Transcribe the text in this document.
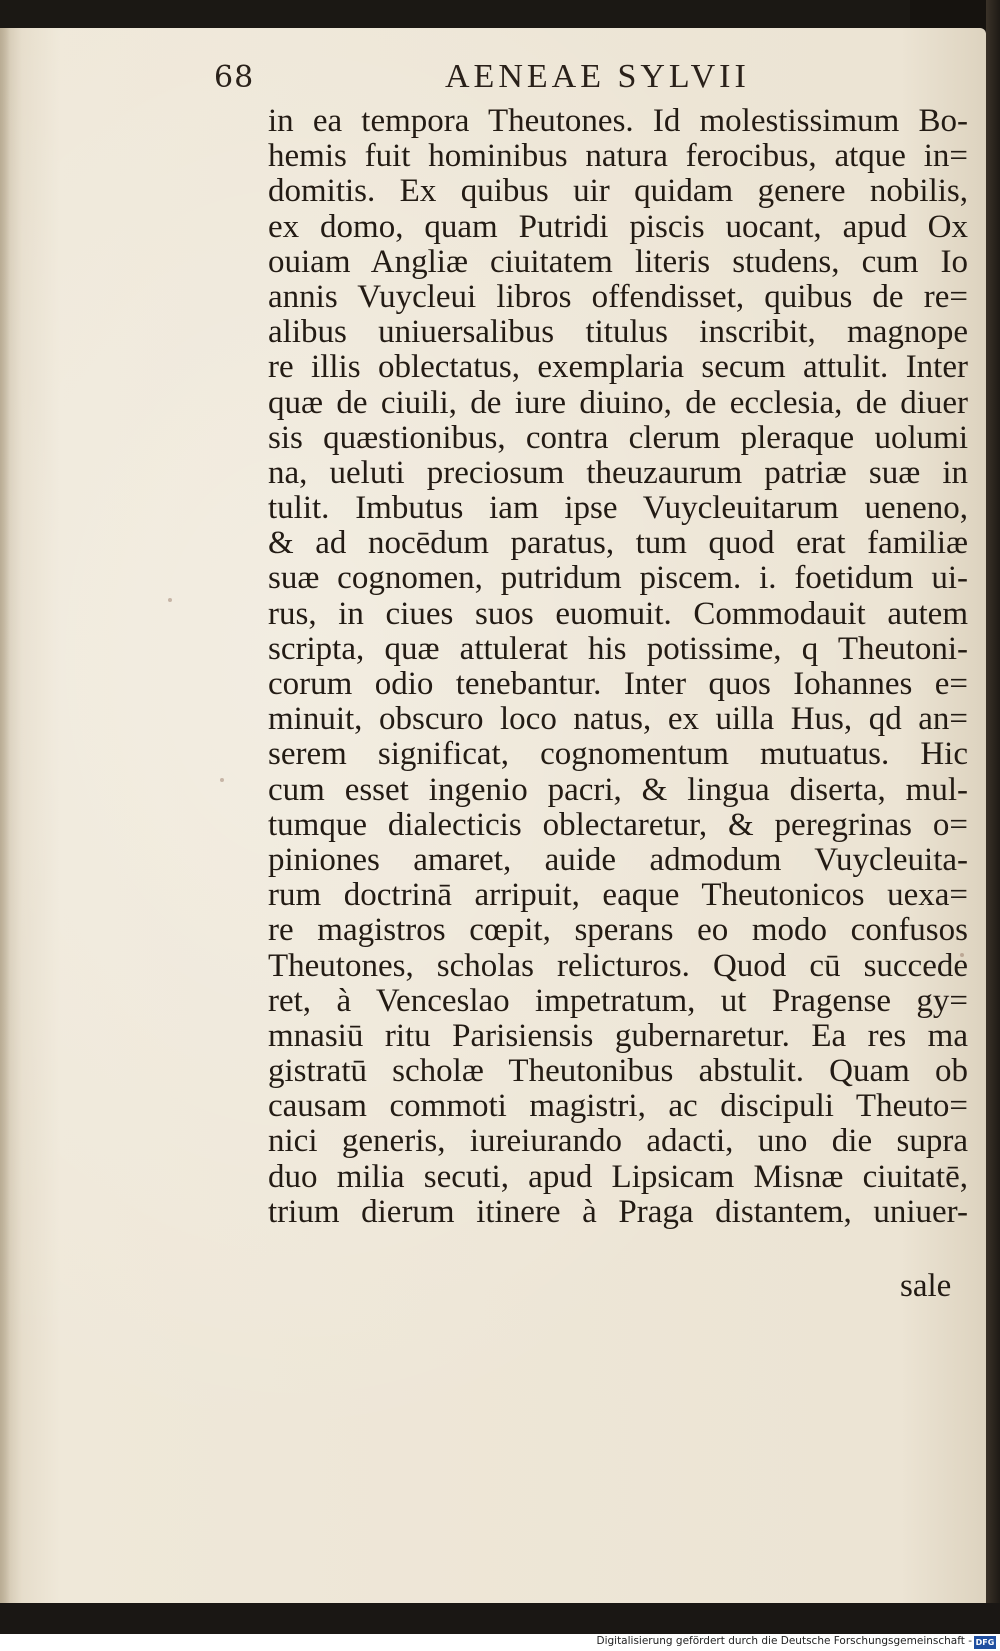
68	AENEAE SYLVII
in ea tempora Theutones. Id molestissimum Bo-
hemis fuit hominibus natura ferocibus, atque in=
domitis. Ex quibus uir quidam genere nobilis,
ex domo, quam Putridi piscis uocant, apud Ox
ouiam Angliæ ciuitatem literis studens, cum Io
annis Vuycleui libros offendisset, quibus de re=
alibus uniuersalibus titulus inscribit, magnope
re illis oblectatus, exemplaria secum attulit. Inter
quæ de ciuili, de iure diuino, de ecclesia, de diuer
sis quæstionibus, contra clerum pleraque uolumi
na, ueluti preciosum theuzaurum patriæ suæ in
tulit. Imbutus iam ipse Vuycleuitarum ueneno,
& ad nocēdum paratus, tum quod erat familiæ
suæ cognomen, putridum piscem. i. foetidum ui-
rus, in ciues suos euomuit. Commodauit autem
scripta, quæ attulerat his potissime, q Theutoni-
corum odio tenebantur. Inter quos Iohannes e=
minuit, obscuro loco natus, ex uilla Hus, qd an=
serem significat, cognomentum mutuatus. Hic
cum esset ingenio pacri, & lingua diserta, mul-
tumque dialecticis oblectaretur, & peregrinas o=
piniones amaret, auide admodum Vuycleuita-
rum doctrinā arripuit, eaque Theutonicos uexa=
re magistros cœpit, sperans eo modo confusos
Theutones, scholas relicturos. Quod cū succede
ret, à Venceslao impetratum, ut Pragense gy=
mnasiū ritu Parisiensis gubernaretur. Ea res ma
gistratū scholæ Theutonibus abstulit. Quam ob
causam commoti magistri, ac discipuli Theuto=
nici generis, iureiurando adacti, uno die supra
duo milia secuti, apud Lipsicam Misnæ ciuitatē,
trium dierum itinere à Praga distantem, uniuer-
sale
Digitalisierung gefördert durch die Deutsche Forschungsgemeinschaft - DFG
